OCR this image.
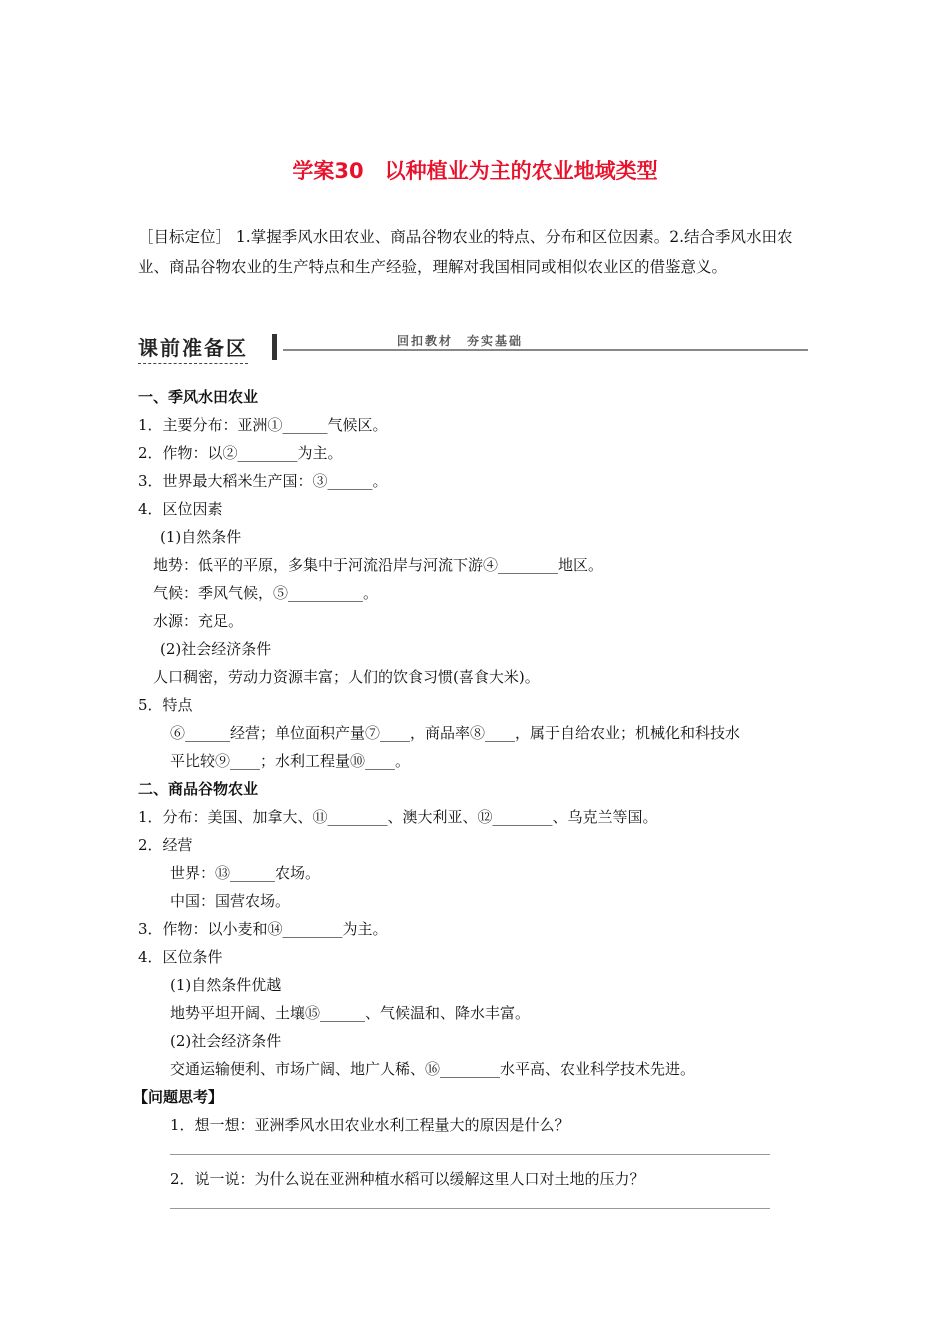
学案30　以种植业为主的农业地域类型
［目标定位］ 1.掌握季风水田农业、商品谷物农业的特点、分布和区位因素。2.结合季风水田农业、商品谷物农业的生产特点和生产经验，理解对我国相同或相似农业区的借鉴意义。
课前准备区	回扣教材　夯实基础
一、季风水田农业
1．主要分布：亚洲①______气候区。
2．作物：以②________为主。
3．世界最大稻米生产国：③______。
4．区位因素
(1)自然条件
地势：低平的平原，多集中于河流沿岸与河流下游④________地区。
气候：季风气候，⑤__________。
水源：充足。
(2)社会经济条件
人口稠密，劳动力资源丰富；人们的饮食习惯(喜食大米)。
5．特点
⑥______经营；单位面积产量⑦____，商品率⑧____，属于自给农业；机械化和科技水
平比较⑨____；水利工程量⑩____。
二、商品谷物农业
1．分布：美国、加拿大、⑪________、澳大利亚、⑫________、乌克兰等国。
2．经营
世界：⑬______农场。
中国：国营农场。
3．作物：以小麦和⑭________为主。
4．区位条件
(1)自然条件优越
地势平坦开阔、土壤⑮______、气候温和、降水丰富。
(2)社会经济条件
交通运输便利、市场广阔、地广人稀、⑯________水平高、农业科学技术先进。
【问题思考】
1．想一想：亚洲季风水田农业水利工程量大的原因是什么？
2．说一说：为什么说在亚洲种植水稻可以缓解这里人口对土地的压力？
